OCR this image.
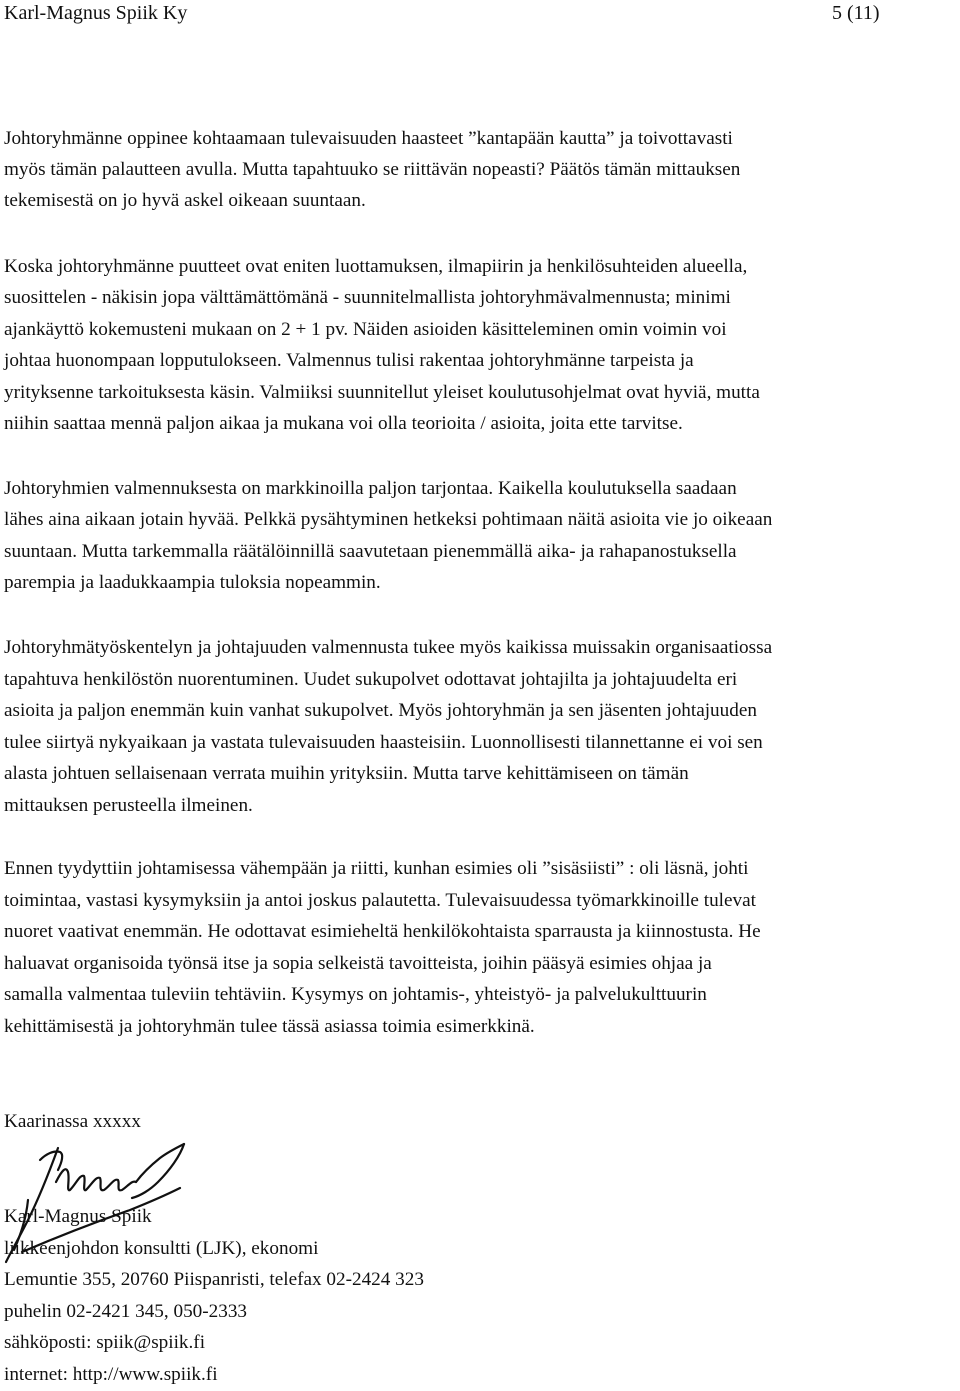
Karl-Magnus Spiik Ky	5 (11)
Johtoryhmänne oppinee kohtaamaan tulevaisuuden haasteet ”kantapään kautta” ja toivottavasti
myös tämän palautteen avulla. Mutta tapahtuuko se riittävän nopeasti? Päätös tämän mittauksen
tekemisestä on jo hyvä askel oikeaan suuntaan.
Koska johtoryhmänne puutteet ovat eniten luottamuksen, ilmapiirin ja henkilösuhteiden alueella,
suosittelen - näkisin jopa välttämättömänä - suunnitelmallista johtoryhmävalmennusta; minimi
ajankäyttö kokemusteni mukaan on 2 + 1 pv. Näiden asioiden käsitteleminen omin voimin voi
johtaa huonompaan lopputulokseen. Valmennus tulisi rakentaa johtoryhmänne tarpeista ja
yrityksenne tarkoituksesta käsin. Valmiiksi suunnitellut yleiset koulutusohjelmat ovat hyviä, mutta
niihin saattaa mennä paljon aikaa ja mukana voi olla teorioita / asioita, joita ette tarvitse.
Johtoryhmien valmennuksesta on markkinoilla paljon tarjontaa. Kaikella koulutuksella saadaan
lähes aina aikaan jotain hyvää. Pelkkä pysähtyminen hetkeksi pohtimaan näitä asioita vie jo oikeaan
suuntaan. Mutta tarkemmalla räätälöinnillä saavutetaan pienemmällä aika- ja rahapanostuksella
parempia ja laadukkaampia tuloksia nopeammin.
Johtoryhmätyöskentelyn ja johtajuuden valmennusta tukee myös kaikissa muissakin organisaatiossa
tapahtuva henkilöstön nuorentuminen. Uudet sukupolvet odottavat johtajilta ja johtajuudelta eri
asioita ja paljon enemmän kuin vanhat sukupolvet. Myös johtoryhmän ja sen jäsenten johtajuuden
tulee siirtyä nykyaikaan ja vastata tulevaisuuden haasteisiin. Luonnollisesti tilannettanne ei voi sen
alasta johtuen sellaisenaan verrata muihin yrityksiin. Mutta tarve kehittämiseen on tämän
mittauksen perusteella ilmeinen.
Ennen tyydyttiin johtamisessa vähempään ja riitti, kunhan esimies oli ”sisäsiisti” : oli läsnä, johti
toimintaa, vastasi kysymyksiin ja antoi joskus palautetta. Tulevaisuudessa työmarkkinoille tulevat
nuoret vaativat enemmän. He odottavat esimieheltä henkilökohtaista sparrausta ja kiinnostusta. He
haluavat organisoida työnsä itse ja sopia selkeistä tavoitteista, joihin pääsyä esimies ohjaa ja
samalla valmentaa tuleviin tehtäviin. Kysymys on johtamis-, yhteistyö- ja palvelukulttuurin
kehittämisestä ja johtoryhmän tulee tässä asiassa toimia esimerkkinä.
Kaarinassa xxxxx
Karl-Magnus Spiik
liikkeenjohdon konsultti (LJK), ekonomi
Lemuntie 355, 20760 Piispanristi, telefax 02-2424 323
puhelin 02-2421 345, 050-2333
sähköposti: spiik@spiik.fi
internet: http://www.spiik.fi
